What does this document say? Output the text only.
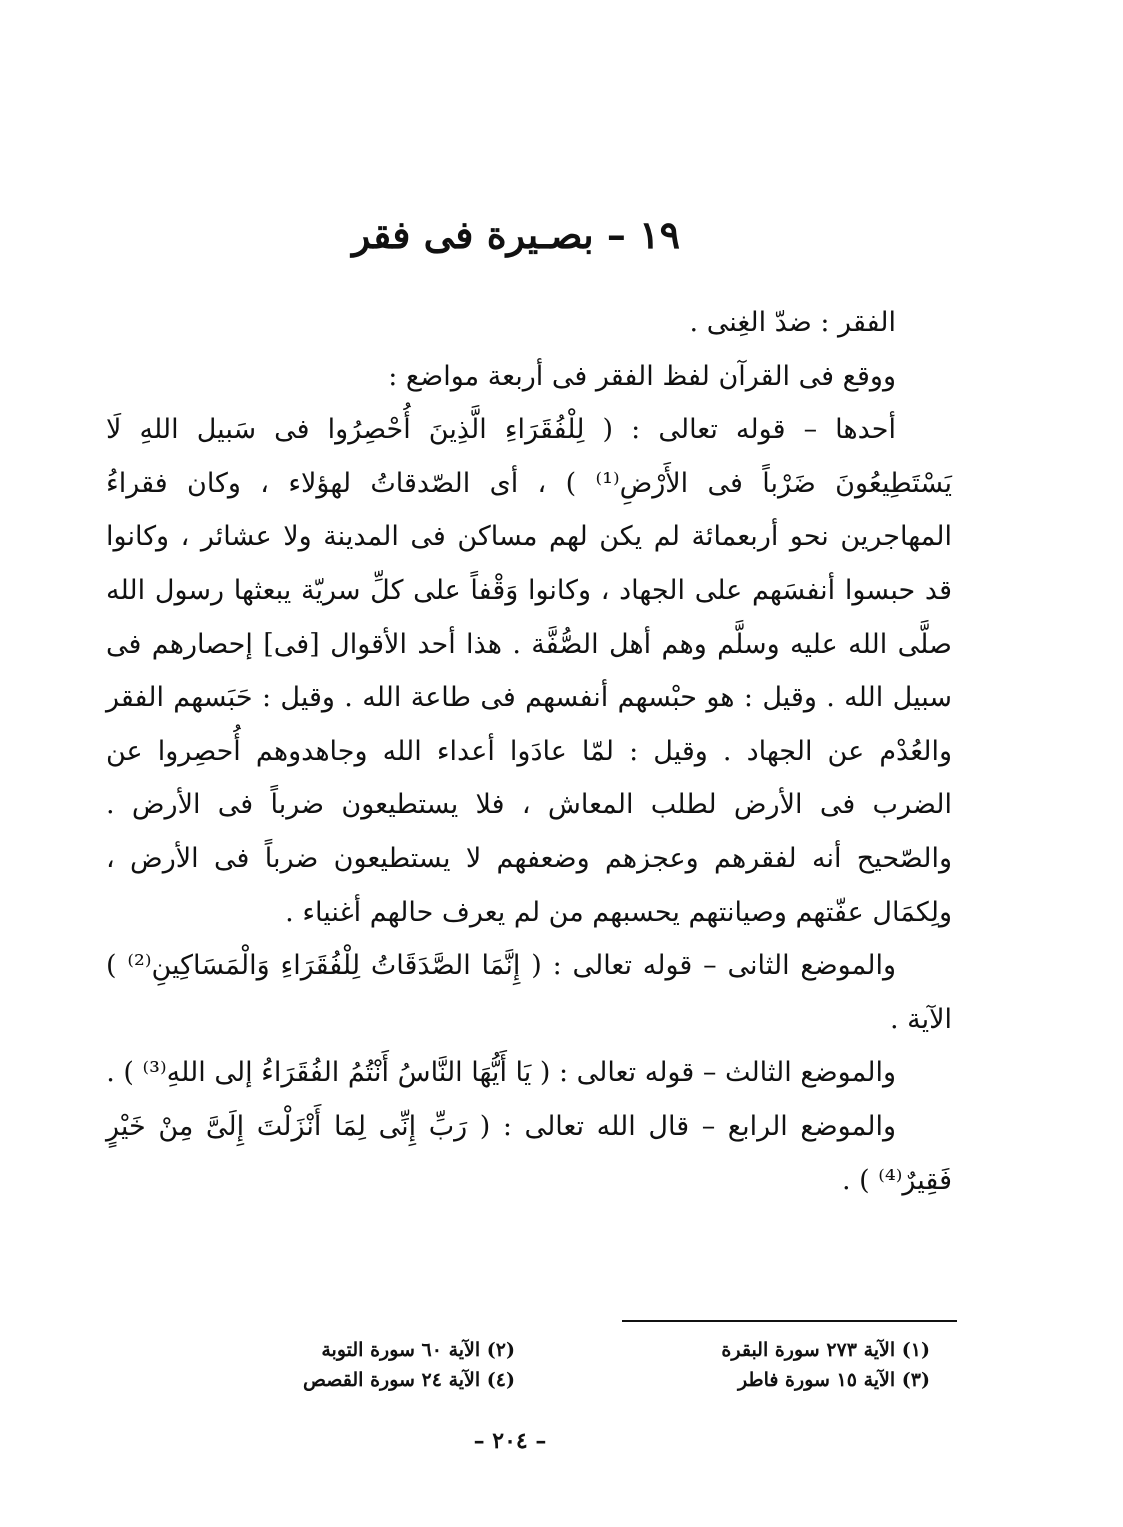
١٩ – بصـيرة فى فقر

الفقر : ضدّ الغِنى .

ووقع فى القرآن لفظ الفقر فى أربعة مواضع :

أحدها – قوله تعالى : ( لِلْفُقَرَاءِ الَّذِينَ أُحْصِرُوا فى سَبيل اللهِ لَا يَسْتَطِيعُونَ ضَرْباً فى الأَرْضِ⁽¹⁾ ) ، أى الصّدقاتُ لهؤلاء ، وكان فقراءُ المهاجرين نحو أربعمائة لم يكن لهم مساكن فى المدينة ولا عشائر ، وكانوا قد حبسوا أنفسَهم على الجهاد ، وكانوا وَقْفاً على كلِّ سريّة يبعثها رسول الله صلَّى الله عليه وسلَّم وهم أهل الصُّفَّة . هذا أحد الأقوال [فى] إحصارهم فى سبيل الله . وقيل : هو حبْسهم أنفسهم فى طاعة الله . وقيل : حَبَسهم الفقر والعُدْم عن الجهاد . وقيل : لمّا عادَوا أعداء الله وجاهدوهم أُحصِروا عن الضرب فى الأرض لطلب المعاش ، فلا يستطيعون ضرباً فى الأرض . والصّحيح أنه لفقرهم وعجزهم وضعفهم لا يستطيعون ضرباً فى الأرض ، ولِكمَال عفّتهم وصيانتهم يحسبهم من لم يعرف حالهم أغنياء .

والموضع الثانى – قوله تعالى : ( إِنَّمَا الصَّدَقَاتُ لِلْفُقَرَاءِ وَالْمَسَاكِينِ⁽²⁾ ) الآية .

والموضع الثالث – قوله تعالى : ( يَا أَيُّهَا النَّاسُ أَنْتُمُ الفُقَرَاءُ إلى اللهِ⁽³⁾ ) .

والموضع الرابع – قال الله تعالى : ( رَبِّ إِنِّى لِمَا أَنْزَلْتَ إِلَىَّ مِنْ خَيْرٍ فَقِيرٌ⁽⁴⁾ ) .

(١) الآية ٢٧٣ سورة البقرة
(٢) الآية ٦٠ سورة التوبة
(٣) الآية ١٥ سورة فاطر
(٤) الآية ٢٤ سورة القصص
– ٢٠٤ –
